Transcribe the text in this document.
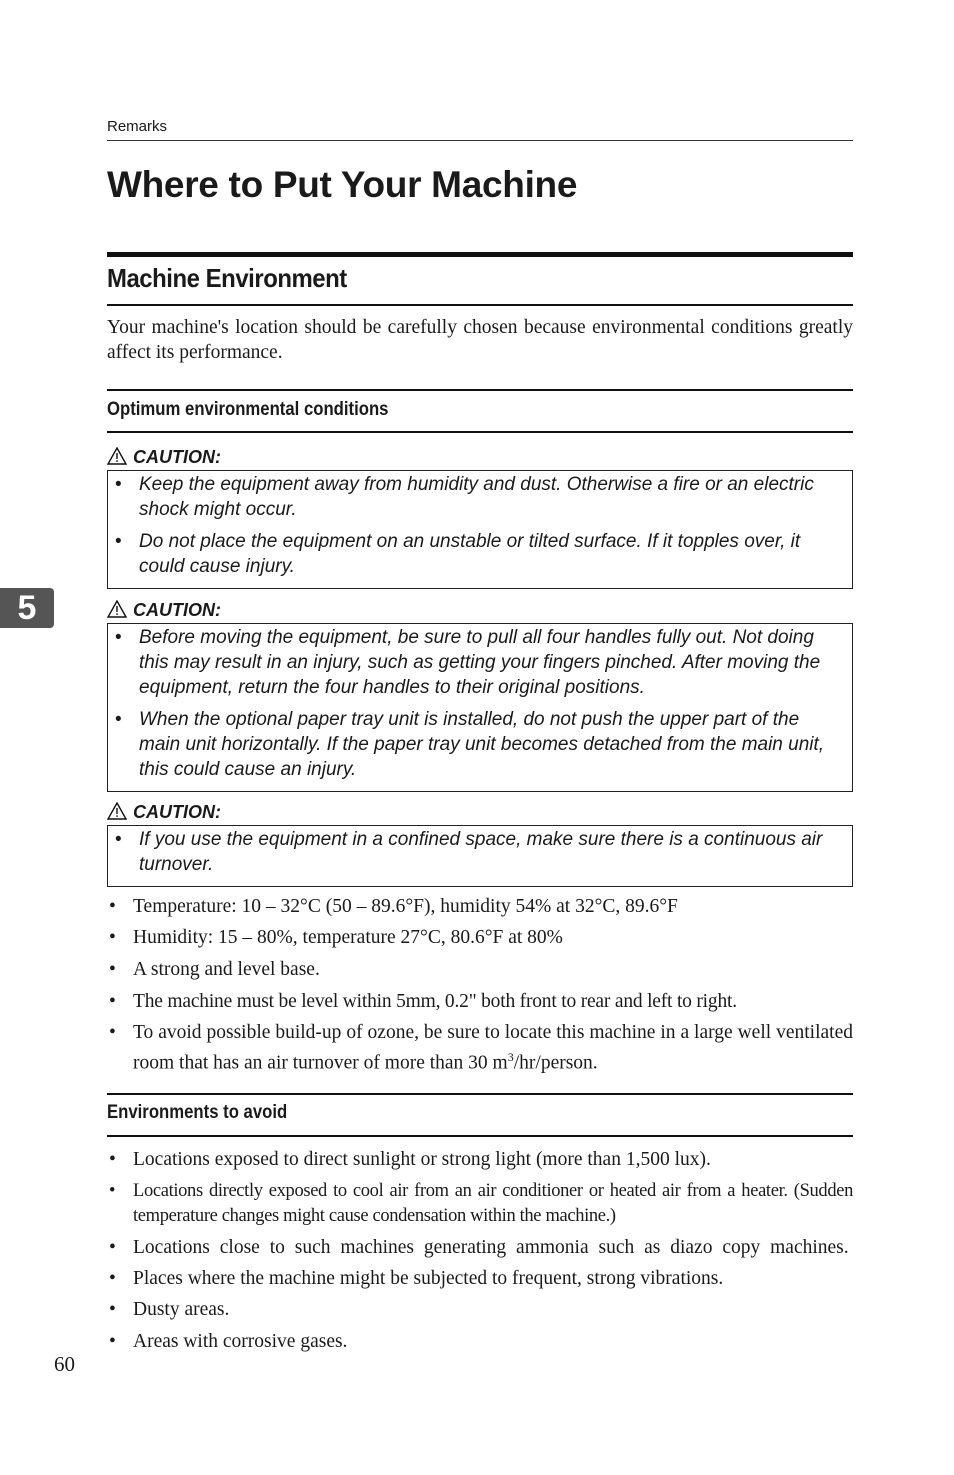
Remarks
Where to Put Your Machine
Machine Environment

Your machine's location should be carefully chosen because environmental conditions greatly affect its performance.

Optimum environmental conditions
CAUTION:
• Keep the equipment away from humidity and dust. Otherwise a fire or an electric shock might occur.
• Do not place the equipment on an unstable or tilted surface. If it topples over, it could cause injury.
5	CAUTION:
• Before moving the equipment, be sure to pull all four handles fully out. Not doing this may result in an injury, such as getting your fingers pinched. After moving the equipment, return the four handles to their original positions.
• When the optional paper tray unit is installed, do not push the upper part of the main unit horizontally. If the paper tray unit becomes detached from the main unit, this could cause an injury.
CAUTION:
• If you use the equipment in a confined space, make sure there is a continuous air turnover.
• Temperature: 10 – 32°C (50 – 89.6°F), humidity 54% at 32°C, 89.6°F
• Humidity: 15 – 80%, temperature 27°C, 80.6°F at 80%
• A strong and level base.
• The machine must be level within 5mm, 0.2" both front to rear and left to right.
• To avoid possible build-up of ozone, be sure to locate this machine in a large well ventilated room that has an air turnover of more than 30 $m^3/hr$/person.
Environments to avoid
• Locations exposed to direct sunlight or strong light (more than 1,500 lux).
• Locations directly exposed to cool air from an air conditioner or heated air from a heater. (Sudden temperature changes might cause condensation within the machine.)
• Locations close to such machines generating ammonia such as diazo copy machines.
• Places where the machine might be subjected to frequent, strong vibrations.
• Dusty areas.
• Areas with corrosive gases.
60
